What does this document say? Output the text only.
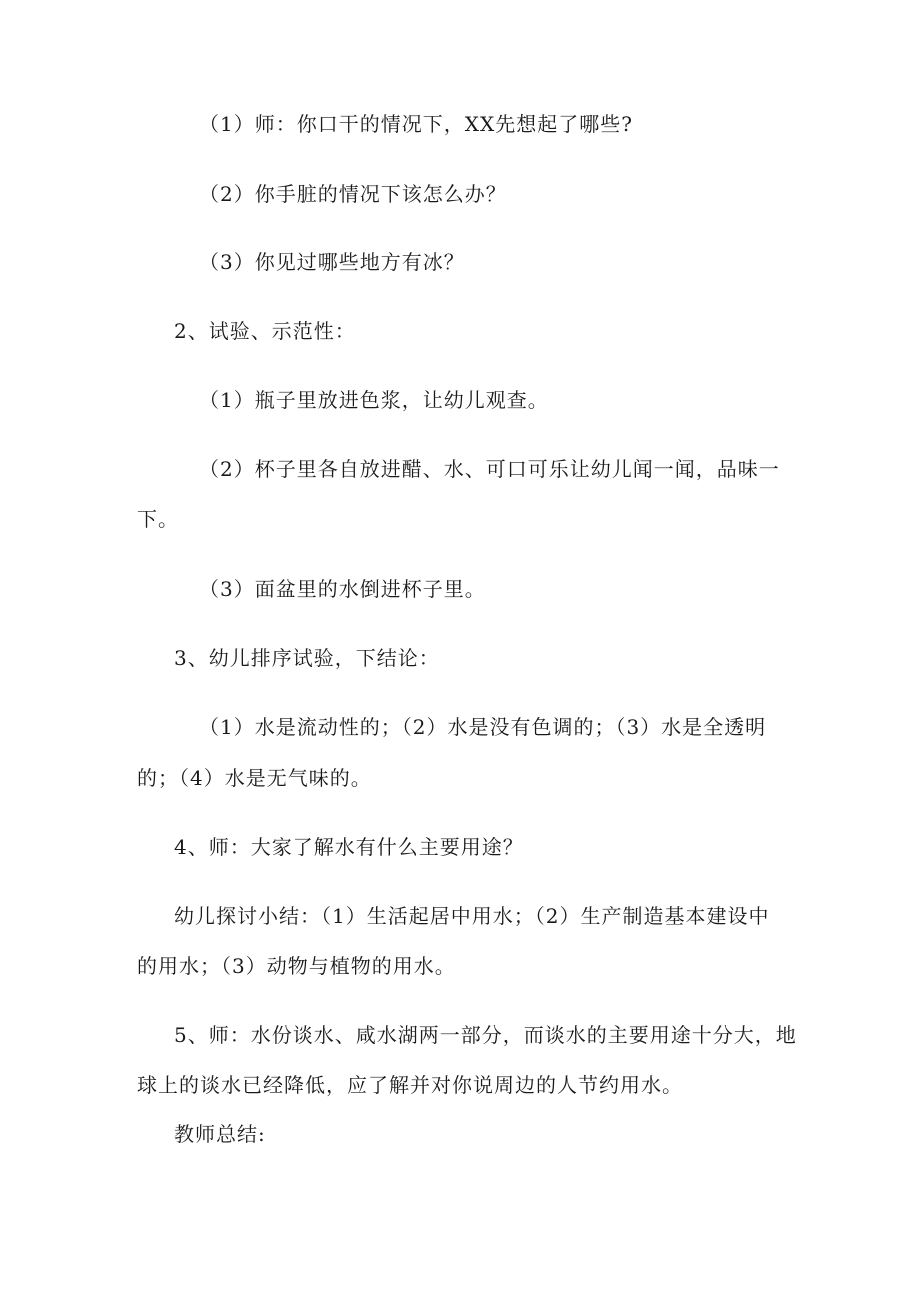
（1）师：你口干的情况下，XX先想起了哪些?
（2）你手脏的情况下该怎么办？
（3）你见过哪些地方有冰？
2、试验、示范性：
（1）瓶子里放进色浆，让幼儿观查。
（2）杯子里各自放进醋、水、可口可乐让幼儿闻一闻，品味一
下。
（3）面盆里的水倒进杯子里。
3、幼儿排序试验，下结论：
（1）水是流动性的；（2）水是没有色调的；（3）水是全透明
的；（4）水是无气味的。
4、师：大家了解水有什么主要用途？
幼儿探讨小结：（1）生活起居中用水；（2）生产制造基本建设中
的用水；（3）动物与植物的用水。
5、师：水份谈水、咸水湖两一部分，而谈水的主要用途十分大，地
球上的谈水已经降低，应了解并对你说周边的人节约用水。
教师总结:
